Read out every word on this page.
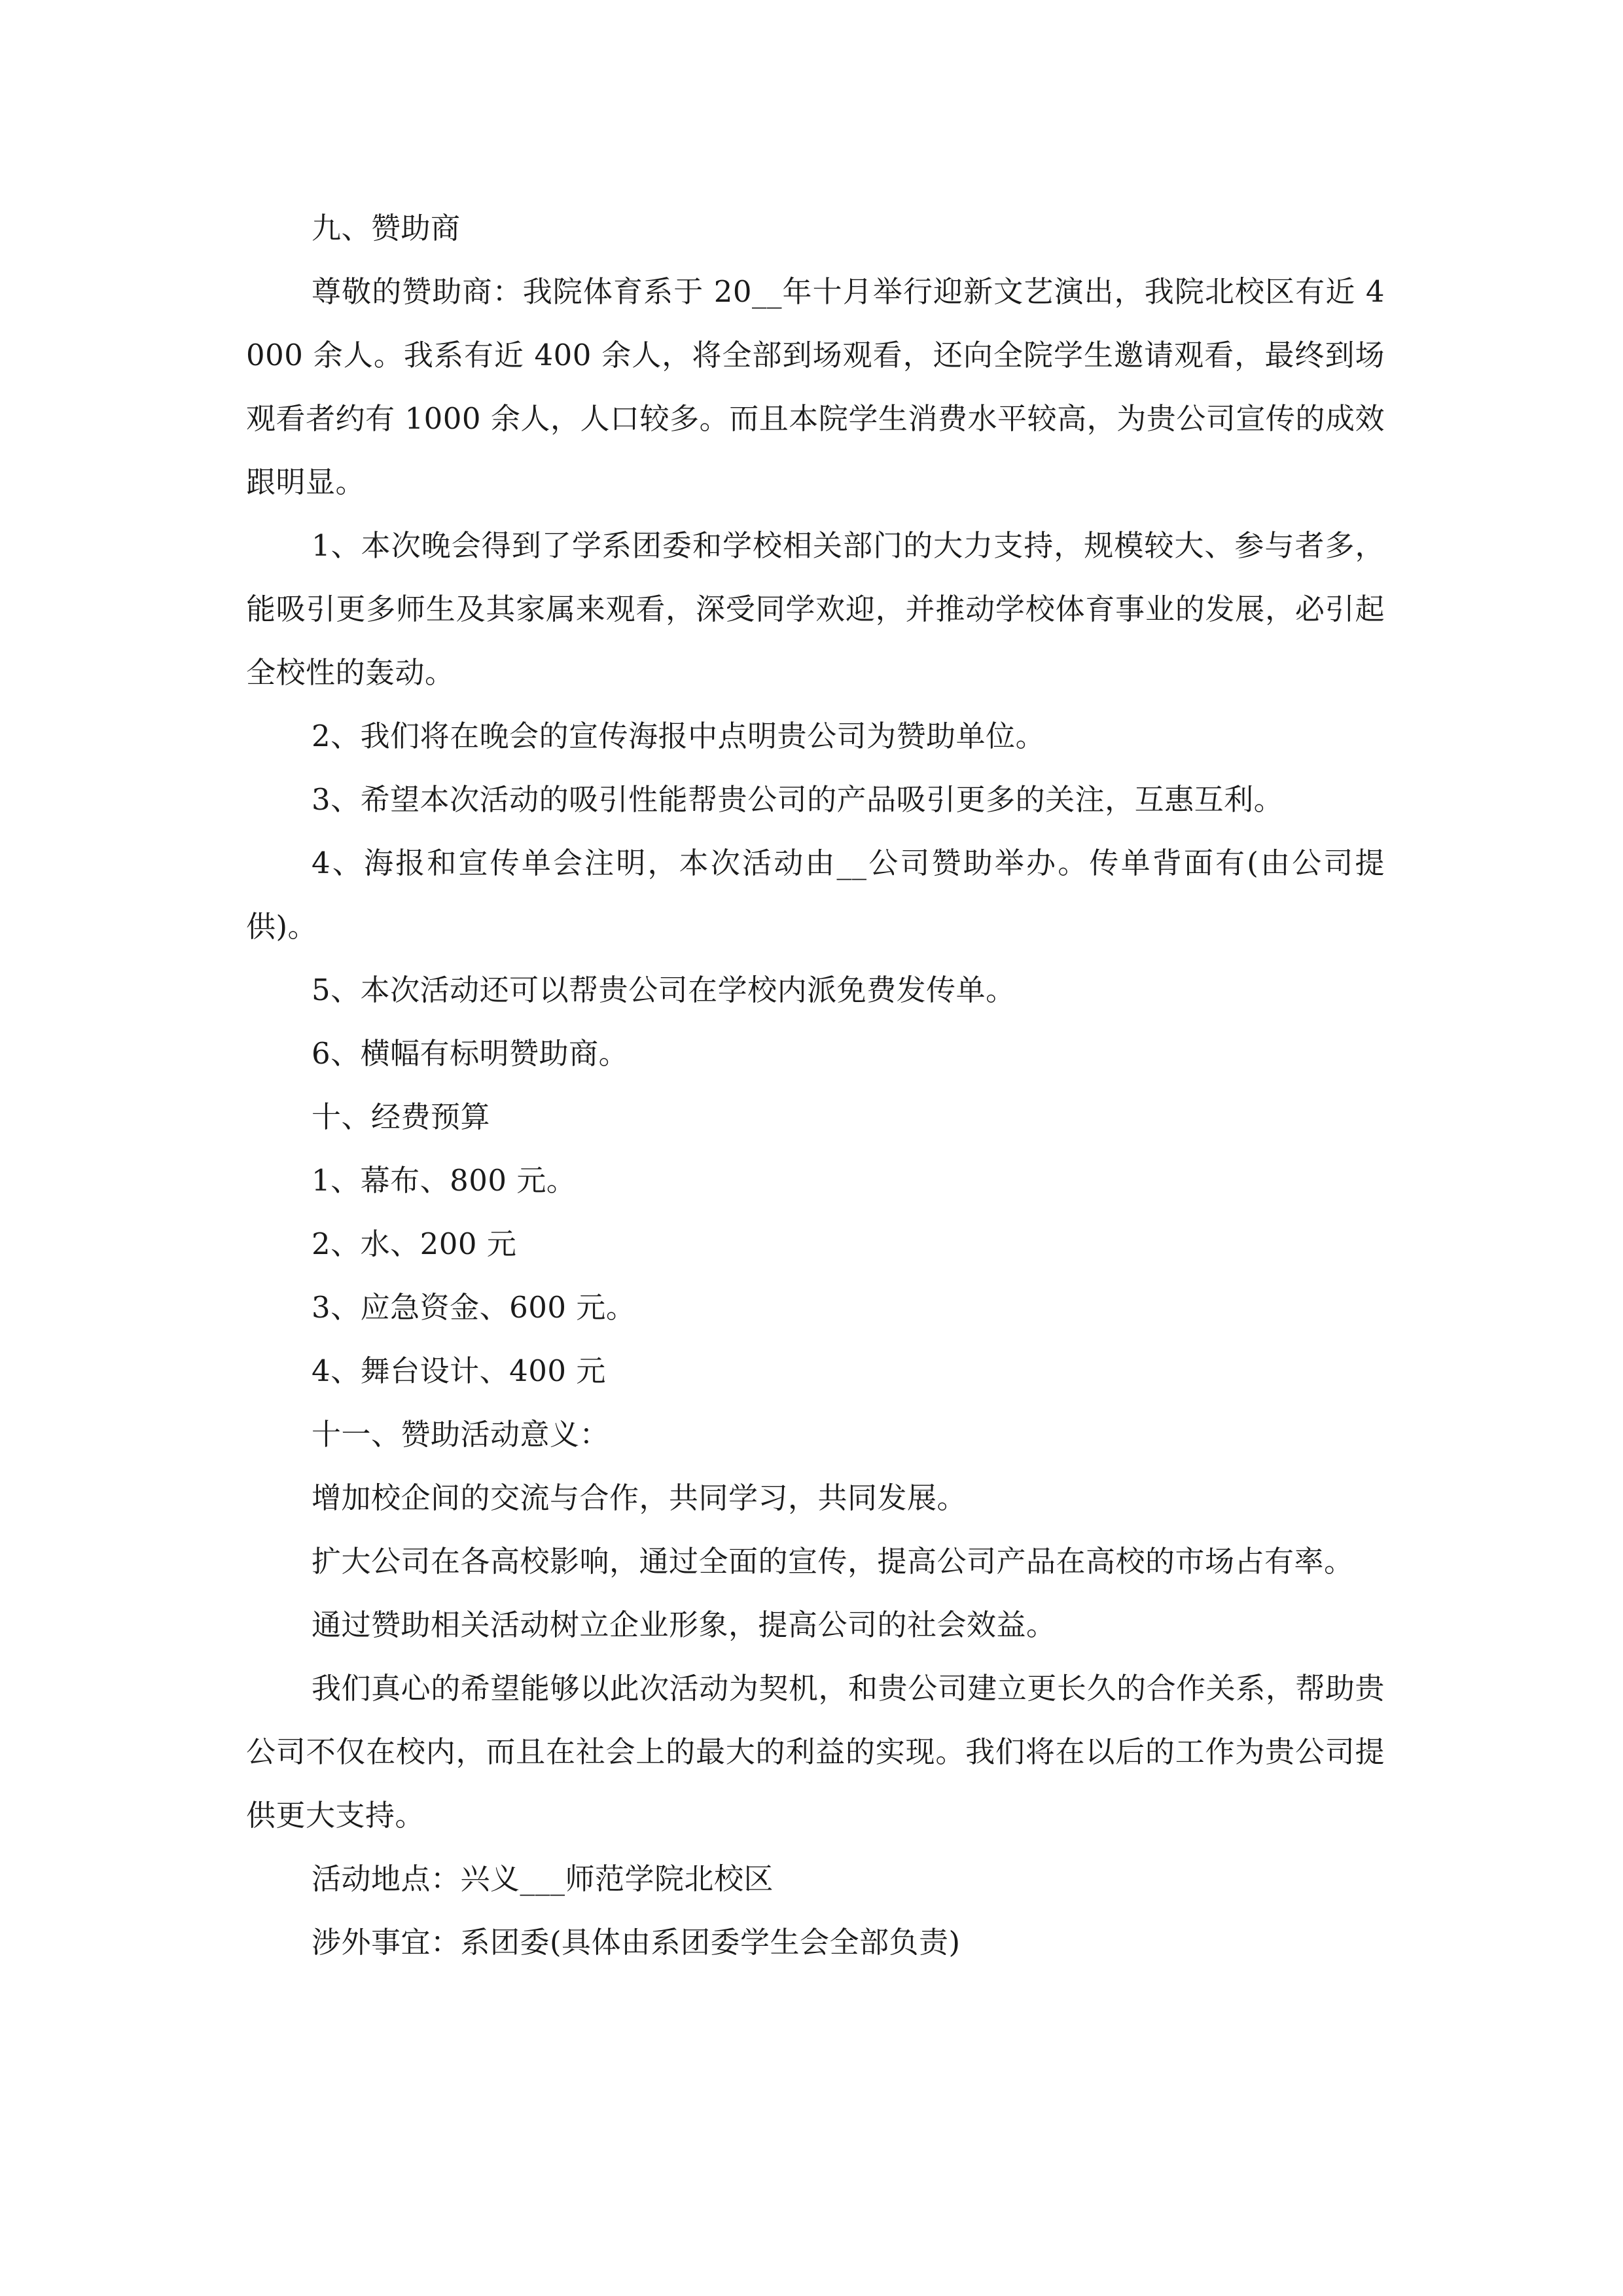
九、赞助商

尊敬的赞助商：我院体育系于 20__年十月举行迎新文艺演出，我院北校区有近 4000 余人。我系有近 400 余人，将全部到场观看，还向全院学生邀请观看，最终到场观看者约有 1000 余人，人口较多。而且本院学生消费水平较高，为贵公司宣传的成效跟明显。

1、本次晚会得到了学系团委和学校相关部门的大力支持，规模较大、参与者多，能吸引更多师生及其家属来观看，深受同学欢迎，并推动学校体育事业的发展，必引起全校性的轰动。

2、我们将在晚会的宣传海报中点明贵公司为赞助单位。

3、希望本次活动的吸引性能帮贵公司的产品吸引更多的关注，互惠互利。

4、海报和宣传单会注明，本次活动由__公司赞助举办。传单背面有(由公司提供)。

5、本次活动还可以帮贵公司在学校内派免费发传单。

6、横幅有标明赞助商。

十、经费预算

1、幕布、800 元。

2、水、200 元

3、应急资金、600 元。

4、舞台设计、400 元

十一、赞助活动意义：

增加校企间的交流与合作，共同学习，共同发展。

扩大公司在各高校影响，通过全面的宣传，提高公司产品在高校的市场占有率。

通过赞助相关活动树立企业形象，提高公司的社会效益。

我们真心的希望能够以此次活动为契机，和贵公司建立更长久的合作关系，帮助贵公司不仅在校内，而且在社会上的最大的利益的实现。我们将在以后的工作为贵公司提供更大支持。

活动地点：兴义___师范学院北校区

涉外事宜：系团委(具体由系团委学生会全部负责)
